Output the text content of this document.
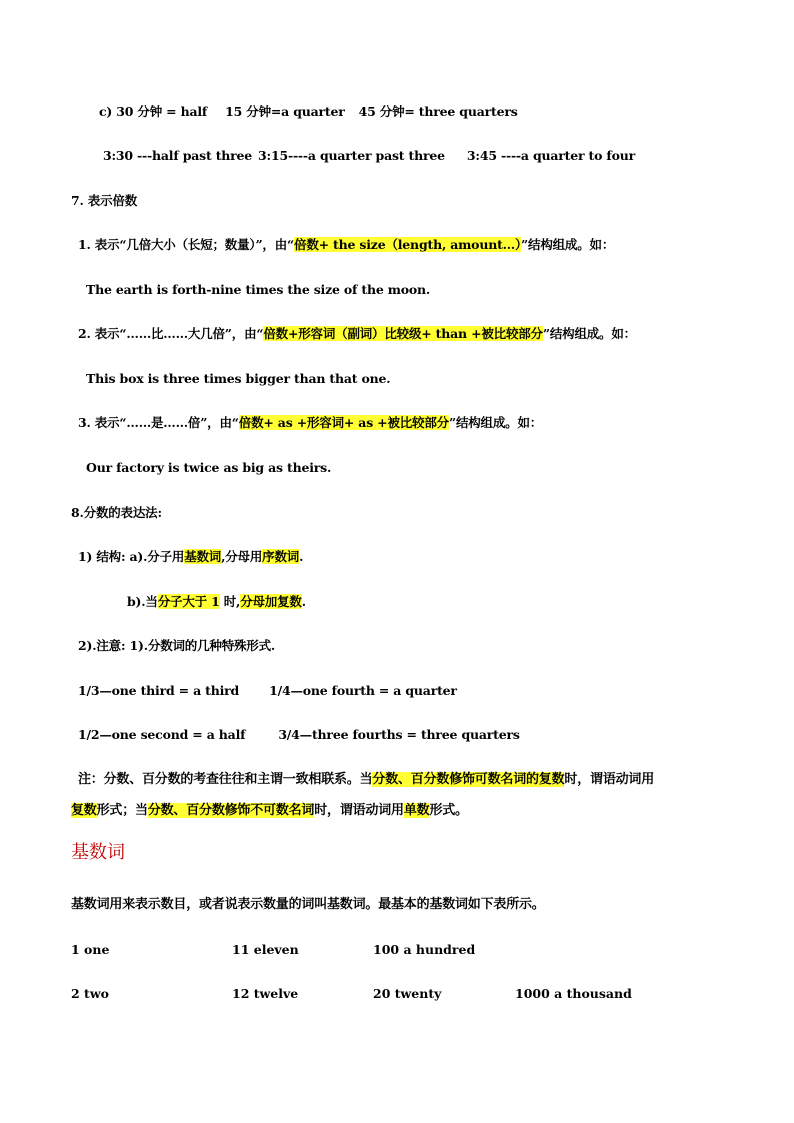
c) 30 分钟 = half 15 分钟=a quarter 45 分钟= three quarters
3:30 ---half past three 3:15----a quarter past three 3:45 ----a quarter to four
7. 表示倍数
1. 表示“几倍大小（长短；数量）”，由“倍数+ the size（length, amount…）”结构组成。如：
The earth is forth-nine times the size of the moon.
2. 表示“……比……大几倍”，由“倍数+形容词（副词）比较级+ than +被比较部分”结构组成。如：
This box is three times bigger than that one.
3. 表示“……是……倍”，由“倍数+ as +形容词+ as +被比较部分”结构组成。如：
Our factory is twice as big as theirs.
8.分数的表达法:
1) 结构: a).分子用基数词,分母用序数词.
b).当分子大于 1 时,分母加复数.
2).注意: 1).分数词的几种特殊形式.
1/3—one third = a third 1/4—one fourth = a quarter
1/2—one second = a half	3/4—three fourths = three quarters
注：分数、百分数的考查往往和主谓一致相联系。当分数、百分数修饰可数名词的复数时，谓语动词用
复数形式；当分数、百分数修饰不可数名词时，谓语动词用单数形式。
基数词
基数词用来表示数目，或者说表示数量的词叫基数词。最基本的基数词如下表所示。
1 one	11 eleven	100 a hundred
2 two	12 twelve	20 twenty	1000 a thousand
